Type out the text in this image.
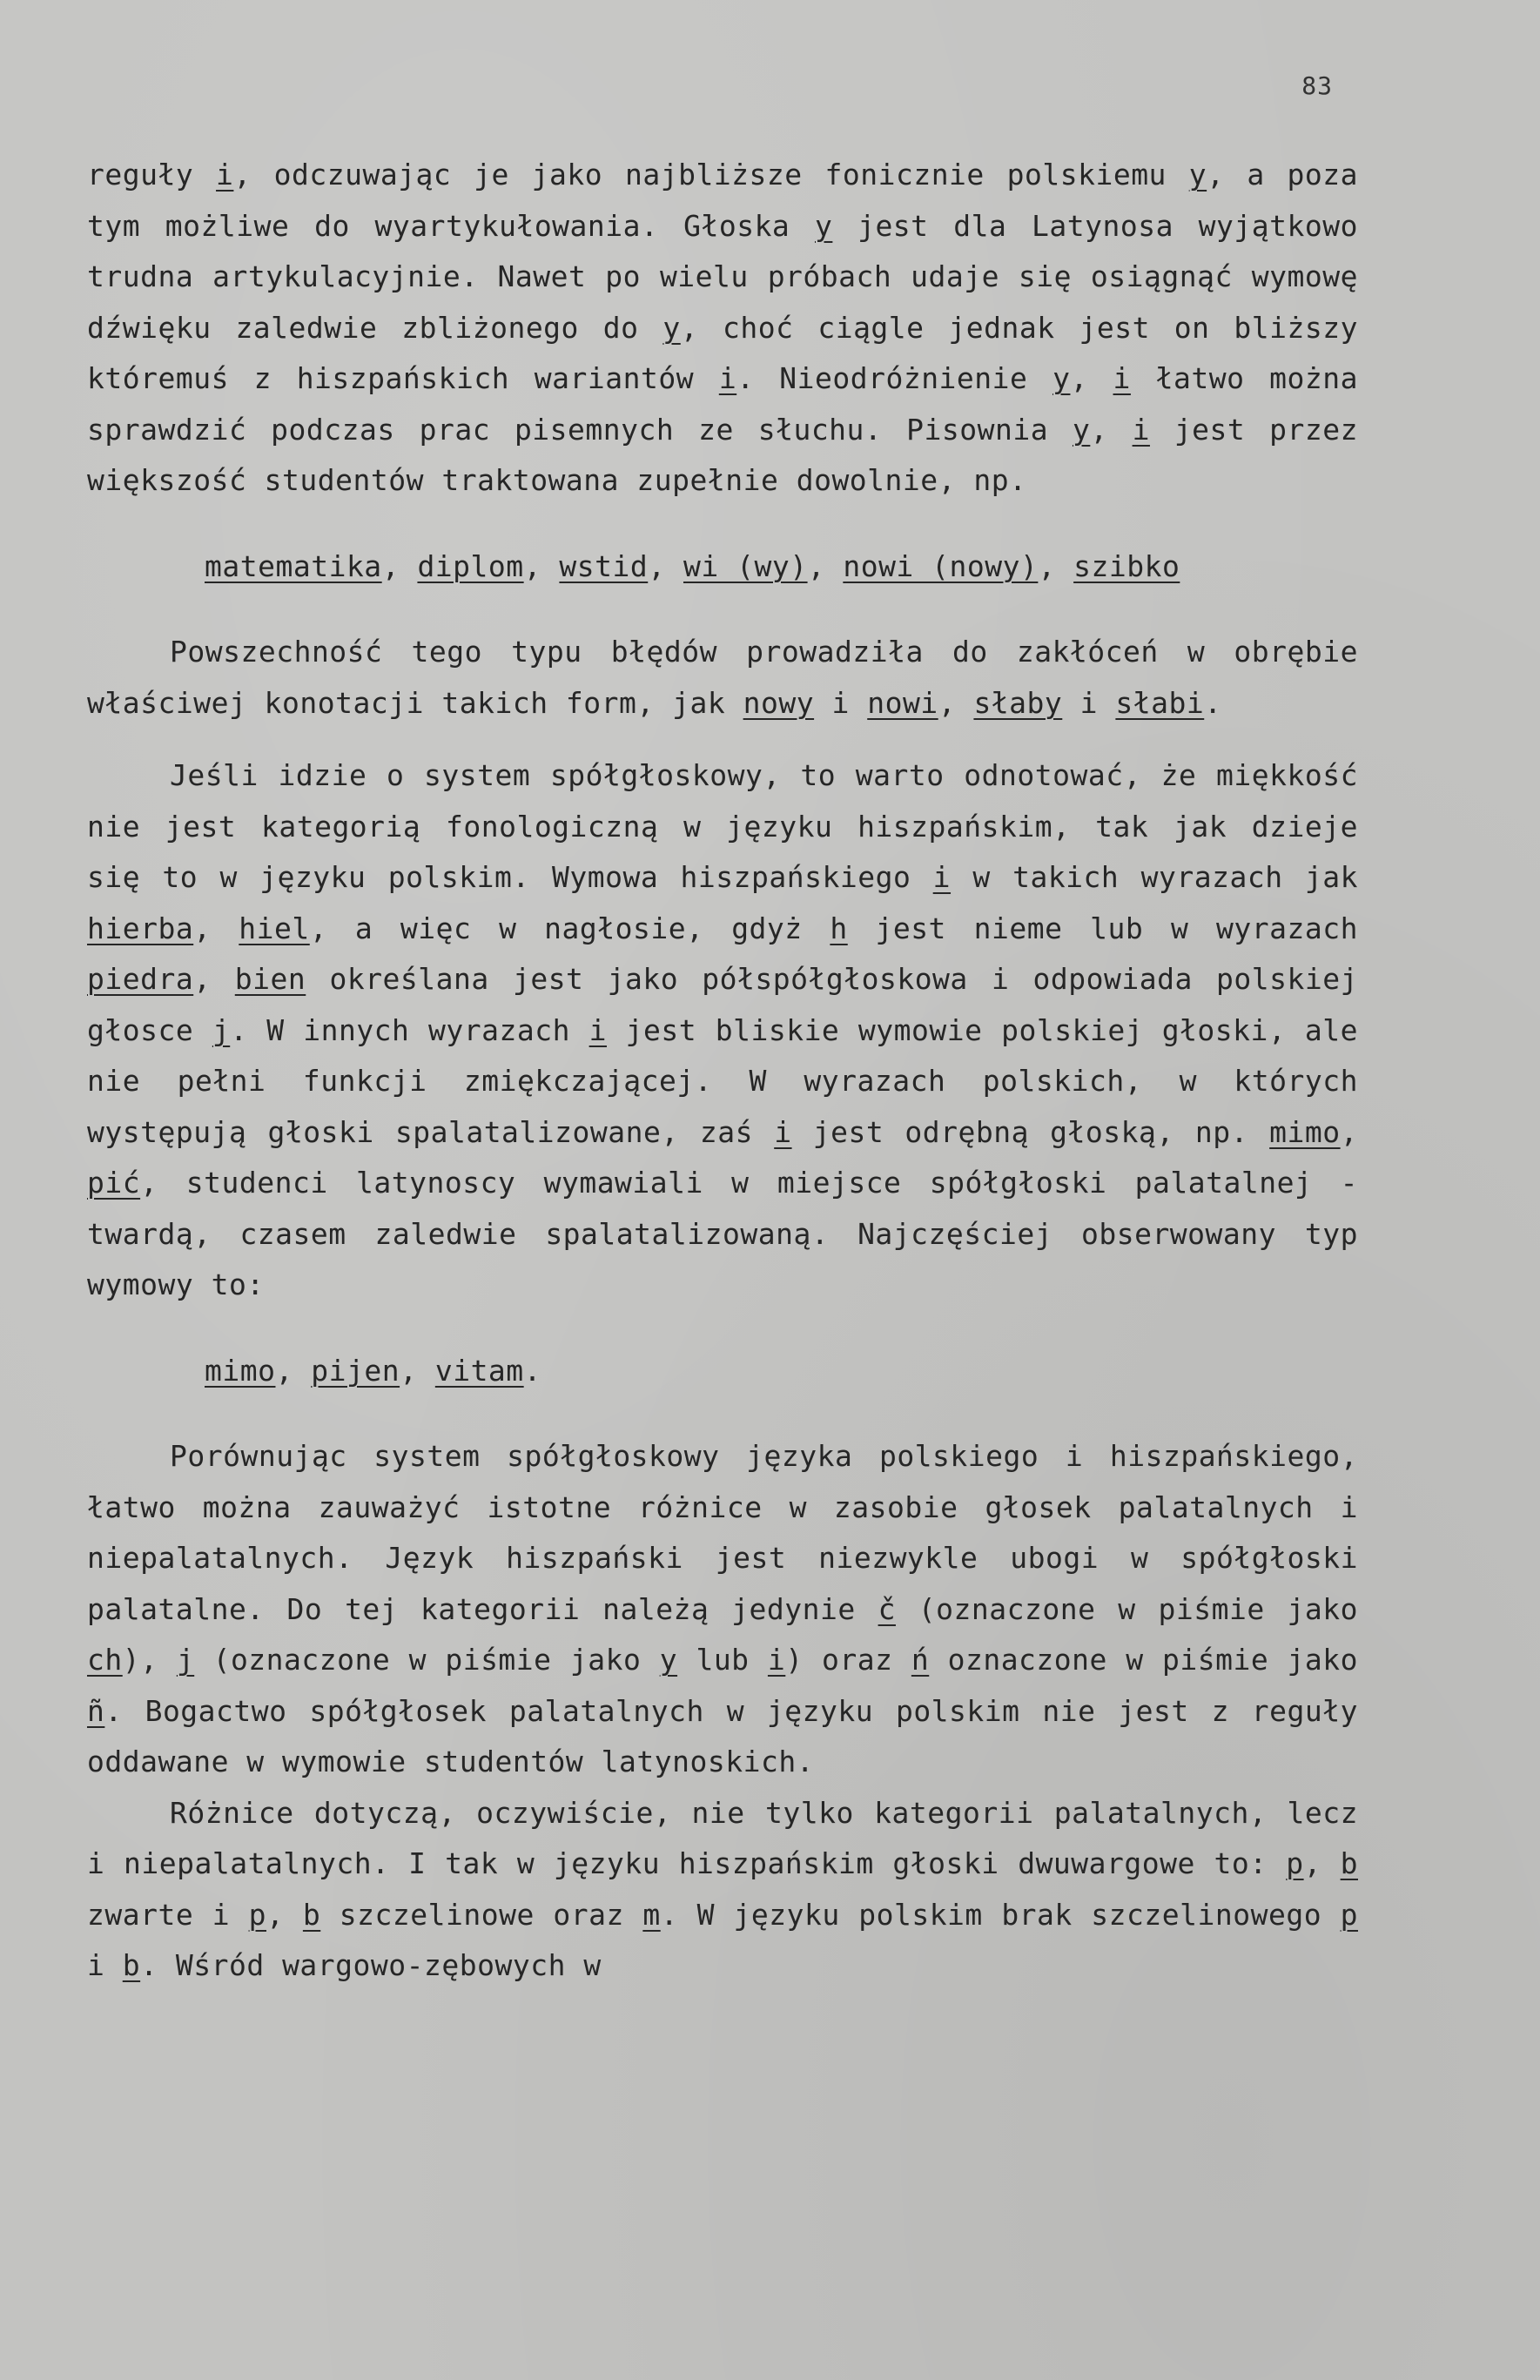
83

reguły i, odczuwając je jako najbliższe fonicznie polskiemu y, a poza tym możliwe do wyartykułowania. Głoska y jest dla Latynosa wyjątkowo trudna artykulacyjnie. Nawet po wielu próbach udaje się osiągnąć wymowę dźwięku zaledwie zbliżonego do y, choć ciągle jednak jest on bliższy któremuś z hiszpańskich wariantów i. Nieodróżnienie y, i łatwo można sprawdzić podczas prac pisemnych ze słuchu. Pisownia y, i jest przez większość studentów traktowana zupełnie dowolnie, np.

matematika, diplom, wstid, wi (wy), nowi (nowy), szibko

Powszechność tego typu błędów prowadziła do zakłóceń w obrębie właściwej konotacji takich form, jak nowy i nowi, słaby i słabi.

Jeśli idzie o system spółgłoskowy, to warto odnotować, że miękkość nie jest kategorią fonologiczną w języku hiszpańskim, tak jak dzieje się to w języku polskim. Wymowa hiszpańskiego i w takich wyrazach jak hierba, hiel, a więc w nagłosie, gdyż h jest nieme lub w wyrazach piedra, bien określana jest jako półspółgłoskowa i odpowiada polskiej głosce j. W innych wyrazach i jest bliskie wymowie polskiej głoski, ale nie pełni funkcji zmiękczającej. W wyrazach polskich, w których występują głoski spalatalizowane, zaś i jest odrębną głoską, np. mimo, pić, studenci latynoscy wymawiali w miejsce spółgłoski palatalnej - twardą, czasem zaledwie spalatalizowaną. Najczęściej obserwowany typ wymowy to:

mimo, pijen, vitam.

Porównując system spółgłoskowy języka polskiego i hiszpańskiego, łatwo można zauważyć istotne różnice w zasobie głosek palatalnych i niepalatalnych. Język hiszpański jest niezwykle ubogi w spółgłoski palatalne. Do tej kategorii należą jedynie č (oznaczone w piśmie jako ch), j (oznaczone w piśmie jako y lub i) oraz ń oznaczone w piśmie jako ñ. Bogactwo spółgłosek palatalnych w języku polskim nie jest z reguły oddawane w wymowie studentów latynoskich.

Różnice dotyczą, oczywiście, nie tylko kategorii palatalnych, lecz i niepalatalnych. I tak w języku hiszpańskim głoski dwuwargowe to: p, b zwarte i p, b szczelinowe oraz m. W języku polskim brak szczelinowego p i b. Wśród wargowo-zębowych w
